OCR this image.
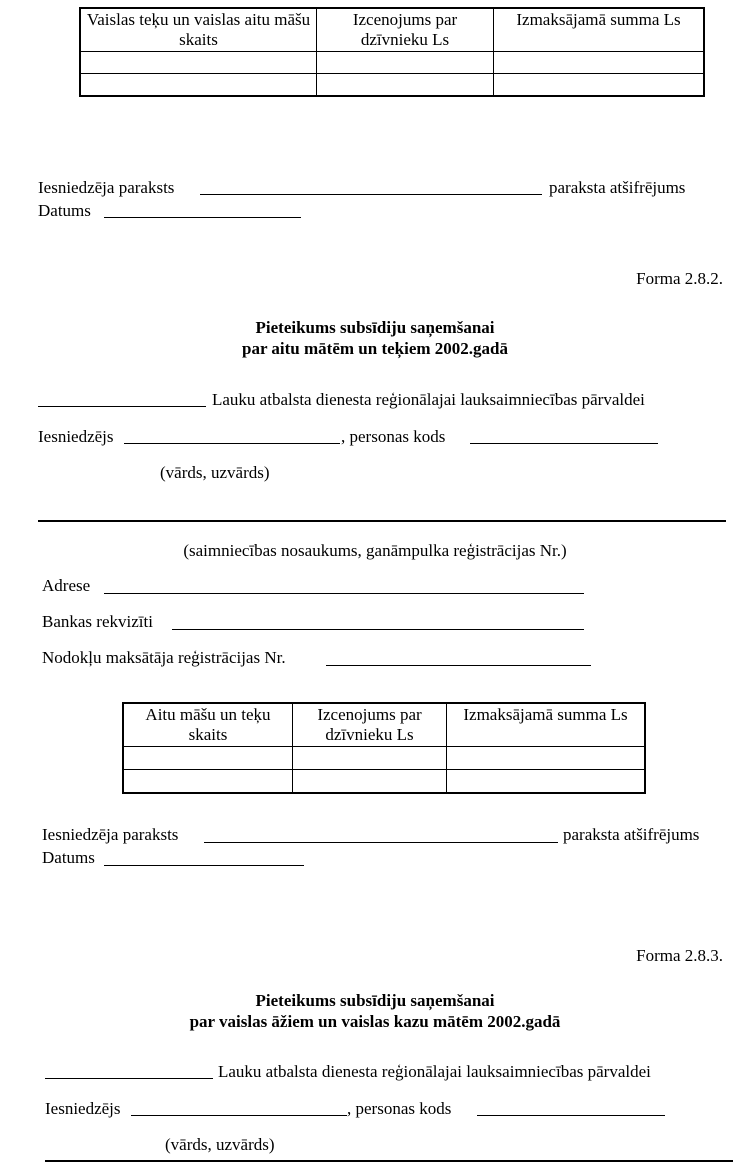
Vaislas teķu un vaislas aitu māšu skaits	Izcenojums par dzīvnieku Ls	Izmaksājamā summa Ls

Iesniedzēja paraksts	paraksta atšifrējums
Datums
Forma 2.8.2.
Pieteikums subsīdiju saņemšanai
par aitu mātēm un teķiem 2002.gadā
Lauku atbalsta dienesta reģionālajai lauksaimniecības pārvaldei
Iesniedzējs	, personas kods
(vārds, uzvārds)
(saimniecības nosaukums, ganāmpulka reģistrācijas Nr.)
Adrese
Bankas rekvizīti
Nodokļu maksātāja reģistrācijas Nr.
Aitu māšu un teķu skaits	Izcenojums par dzīvnieku Ls	Izmaksājamā summa Ls

Iesniedzēja paraksts	paraksta atšifrējums
Datums
Forma 2.8.3.
Pieteikums subsīdiju saņemšanai
par vaislas āžiem un vaislas kazu mātēm 2002.gadā
Lauku atbalsta dienesta reģionālajai lauksaimniecības pārvaldei
Iesniedzējs	, personas kods
(vārds, uzvārds)
